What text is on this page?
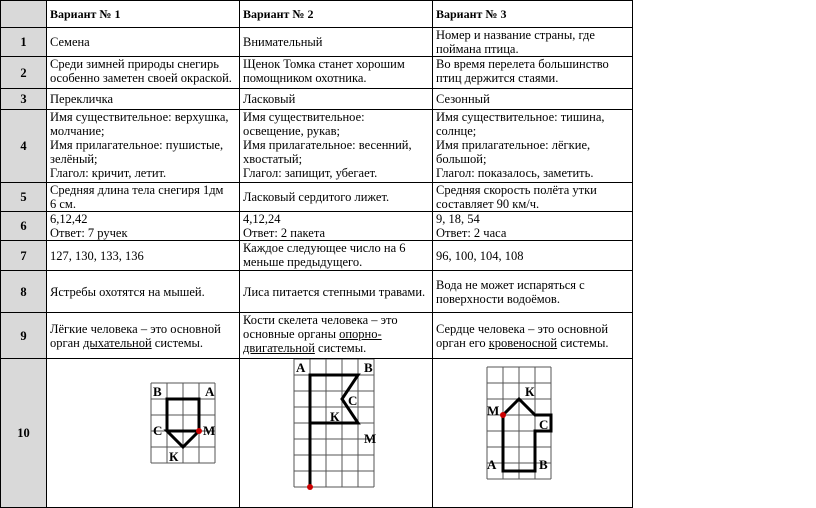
	Вариант № 1	Вариант № 2	Вариант № 3
1	Семена	Внимательный	Номер и название страны, где
поймана птица.

2	Среди зимней природы снегирь
особенно заметен своей окраской.	Щенок Томка станет хорошим
помощником охотника.	Во время перелета большинство
птиц держится стаями.

3	Перекличка	Ласковый	Сезонный

4	Имя существительное: верхушка,
молчание;
Имя прилагательное: пушистые,
зелёный;
Глагол: кричит, летит.	Имя существительное:
освещение, рукав;
Имя прилагательное: весенний,
хвостатый;
Глагол: запищит, убегает.	Имя существительное: тишина,
солнце;
Имя прилагательное: лёгкие,
большой;
Глагол: показалось, заметить.

5	Средняя длина тела снегиря 1дм
6 см.	Ласковый сердитого лижет.	Средняя скорость полёта утки
составляет 90 км/ч.

6	6,12,42
Ответ: 7 ручек	4,12,24
Ответ: 2 пакета	9, 18, 54
Ответ: 2 часа

7	127, 130, 133, 136	Каждое следующее число на 6
меньше предыдущего.	96, 100, 104, 108

8	Ястребы охотятся на мышей.	Лиса питается степными травами.	Вода не может испаряться с
поверхности водоёмов.

9	Лёгкие человека – это основной
орган дыхательной системы.	Кости скелета человека – это
основные органы опорно-
двигательной системы.	Сердце человека – это основной
орган его кровеносной системы.

10	В А
С М
К	А В
С
К
М	К
М
С
А В
